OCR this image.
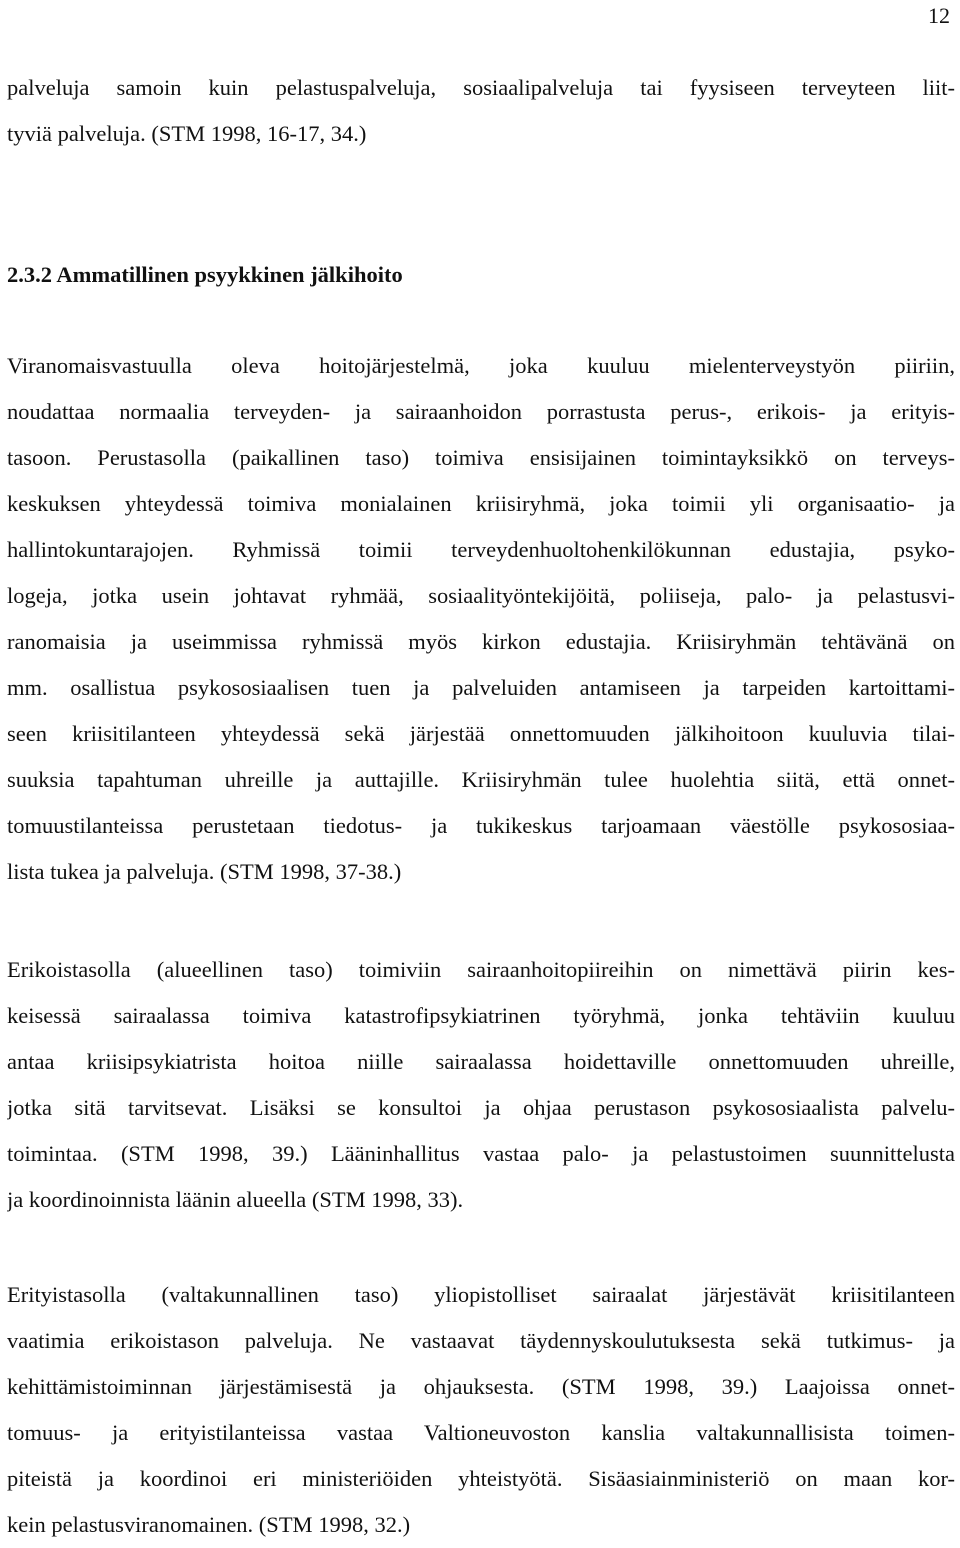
12
palveluja samoin kuin pelastuspalveluja, sosiaalipalveluja tai fyysiseen terveyteen liit-
tyviä palveluja. (STM 1998, 16-17, 34.)
2.3.2 Ammatillinen psyykkinen jälkihoito
Viranomaisvastuulla oleva hoitojärjestelmä, joka kuuluu mielenterveystyön piiriin,
noudattaa normaalia terveyden- ja sairaanhoidon porrastusta perus-, erikois- ja erityis-
tasoon. Perustasolla (paikallinen taso) toimiva ensisijainen toimintayksikkö on terveys-
keskuksen yhteydessä toimiva monialainen kriisiryhmä, joka toimii yli organisaatio- ja
hallintokuntarajojen. Ryhmissä toimii terveydenhuoltohenkilökunnan edustajia, psyko-
logeja, jotka usein johtavat ryhmää, sosiaalityöntekijöitä, poliiseja, palo- ja pelastusvi-
ranomaisia ja useimmissa ryhmissä myös kirkon edustajia. Kriisiryhmän tehtävänä on
mm. osallistua psykososiaalisen tuen ja palveluiden antamiseen ja tarpeiden kartoittami-
seen kriisitilanteen yhteydessä sekä järjestää onnettomuuden jälkihoitoon kuuluvia tilai-
suuksia tapahtuman uhreille ja auttajille. Kriisiryhmän tulee huolehtia siitä, että onnet-
tomuustilanteissa perustetaan tiedotus- ja tukikeskus tarjoamaan väestölle psykososiaa-
lista tukea ja palveluja. (STM 1998, 37-38.)
Erikoistasolla (alueellinen taso) toimiviin sairaanhoitopiireihin on nimettävä piirin kes-
keisessä sairaalassa toimiva katastrofipsykiatrinen työryhmä, jonka tehtäviin kuuluu
antaa kriisipsykiatrista hoitoa niille sairaalassa hoidettaville onnettomuuden uhreille,
jotka sitä tarvitsevat. Lisäksi se konsultoi ja ohjaa perustason psykososiaalista palvelu-
toimintaa. (STM 1998, 39.) Lääninhallitus vastaa palo- ja pelastustoimen suunnittelusta
ja koordinoinnista läänin alueella (STM 1998, 33).
Erityistasolla (valtakunnallinen taso) yliopistolliset sairaalat järjestävät kriisitilanteen
vaatimia erikoistason palveluja. Ne vastaavat täydennyskoulutuksesta sekä tutkimus- ja
kehittämistoiminnan järjestämisestä ja ohjauksesta. (STM 1998, 39.) Laajoissa onnet-
tomuus- ja erityistilanteissa vastaa Valtioneuvoston kanslia valtakunnallisista toimen-
piteistä ja koordinoi eri ministeriöiden yhteistyötä. Sisäasiainministeriö on maan kor-
kein pelastusviranomainen. (STM 1998, 32.)
